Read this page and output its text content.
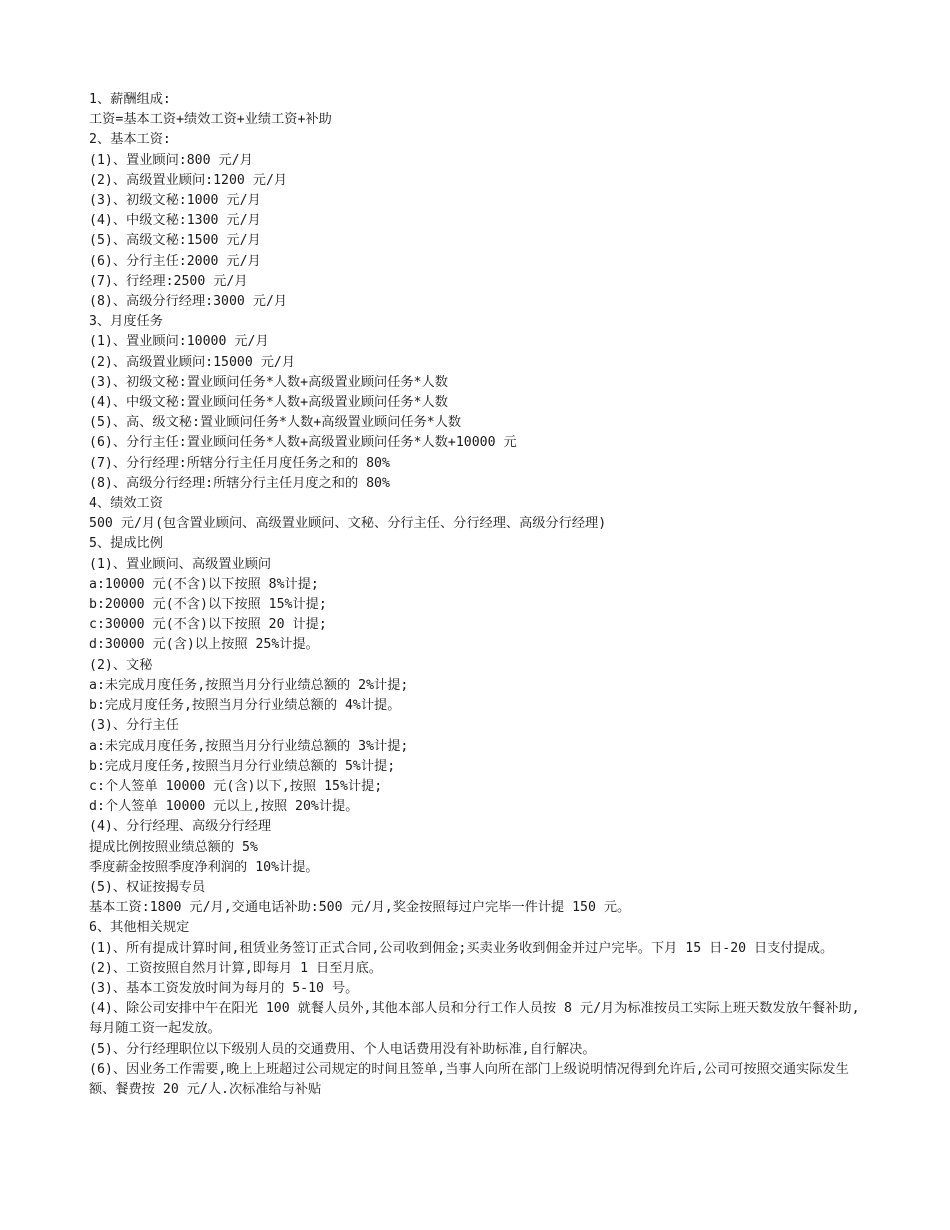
1、薪酬组成:

工资=基本工资+绩效工资+业绩工资+补助

2、基本工资:

(1)、置业顾问:800 元/月

(2)、高级置业顾问:1200 元/月

(3)、初级文秘:1000 元/月

(4)、中级文秘:1300 元/月

(5)、高级文秘:1500 元/月

(6)、分行主任:2000 元/月

(7)、行经理:2500 元/月

(8)、高级分行经理:3000 元/月

3、月度任务

(1)、置业顾问:10000 元/月

(2)、高级置业顾问:15000 元/月

(3)、初级文秘:置业顾问任务*人数+高级置业顾问任务*人数

(4)、中级文秘:置业顾问任务*人数+高级置业顾问任务*人数

(5)、高、级文秘:置业顾问任务*人数+高级置业顾问任务*人数

(6)、分行主任:置业顾问任务*人数+高级置业顾问任务*人数+10000 元

(7)、分行经理:所辖分行主任月度任务之和的 80%

(8)、高级分行经理:所辖分行主任月度之和的 80%

4、绩效工资

500 元/月(包含置业顾问、高级置业顾问、文秘、分行主任、分行经理、高级分行经理)

5、提成比例

(1)、置业顾问、高级置业顾问

a:10000 元(不含)以下按照 8%计提;

b:20000 元(不含)以下按照 15%计提;

c:30000 元(不含)以下按照 20 计提;

d:30000 元(含)以上按照 25%计提。

(2)、文秘

a:未完成月度任务,按照当月分行业绩总额的 2%计提;

b:完成月度任务,按照当月分行业绩总额的 4%计提。

(3)、分行主任

a:未完成月度任务,按照当月分行业绩总额的 3%计提;

b:完成月度任务,按照当月分行业绩总额的 5%计提;

c:个人签单 10000 元(含)以下,按照 15%计提;

d:个人签单 10000 元以上,按照 20%计提。

(4)、分行经理、高级分行经理

提成比例按照业绩总额的 5%

季度薪金按照季度净利润的 10%计提。

(5)、权证按揭专员

基本工资:1800 元/月,交通电话补助:500 元/月,奖金按照每过户完毕一件计提 150 元。

6、其他相关规定

(1)、所有提成计算时间,租赁业务签订正式合同,公司收到佣金;买卖业务收到佣金并过户完毕。下月 15 日-20 日支付提成。

(2)、工资按照自然月计算,即每月 1 日至月底。

(3)、基本工资发放时间为每月的 5-10 号。

(4)、除公司安排中午在阳光 100 就餐人员外,其他本部人员和分行工作人员按 8 元/月为标准按员工实际上班天数发放午餐补助,每月随工资一起发放。

(5)、分行经理职位以下级别人员的交通费用、个人电话费用没有补助标准,自行解决。

(6)、因业务工作需要,晚上上班超过公司规定的时间且签单,当事人向所在部门上级说明情况得到允许后,公司可按照交通实际发生额、餐费按 20 元/人.次标准给与补贴
